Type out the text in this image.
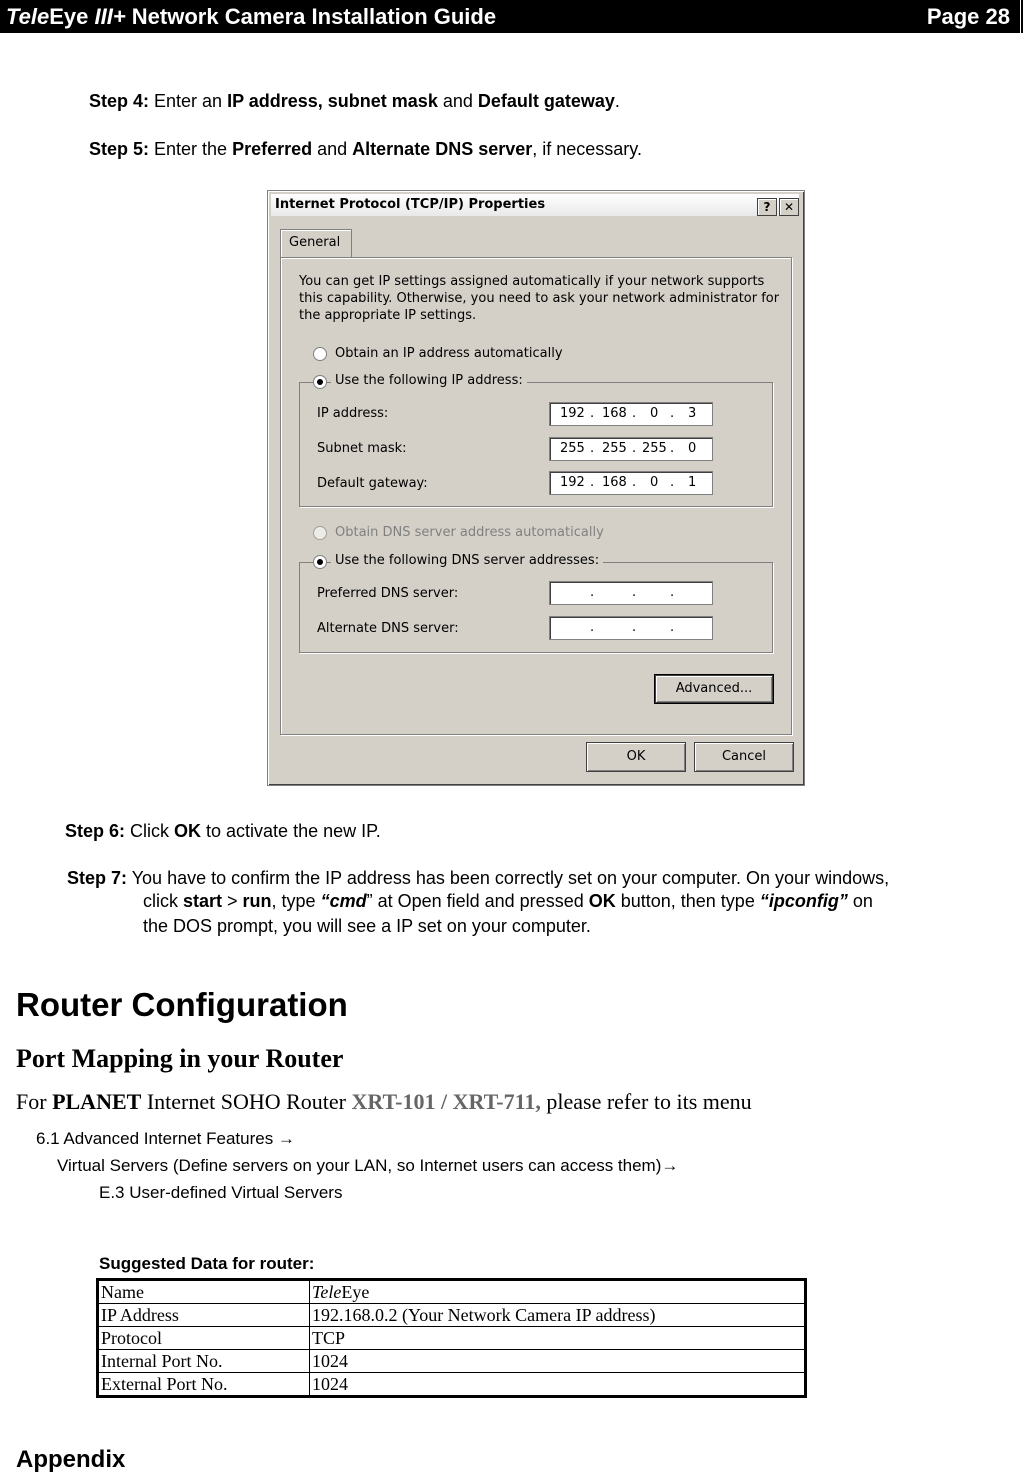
TeleEye III+ Network Camera Installation Guide	Page 28
Step 4: Enter an IP address, subnet mask and Default gateway.
Step 5: Enter the Preferred and Alternate DNS server, if necessary.
Internet Protocol (TCP/IP) Properties	?	✕
General
You can get IP settings assigned automatically if your network supports
this capability. Otherwise, you need to ask your network administrator for
the appropriate IP settings.
Obtain an IP address automatically
Use the following IP address:
IP address:	192 . 168 . 0 . 3
Subnet mask:	255 . 255 . 255 . 0
Default gateway:	192 . 168 . 0 . 1
Obtain DNS server address automatically
Use the following DNS server addresses:
Preferred DNS server:	.	.	.
Alternate DNS server:	.	.	.
Advanced...
OK	Cancel
Step 6: Click OK to activate the new IP.
Step 7: You have to confirm the IP address has been correctly set on your computer. On your windows,
click start > run, type “cmd” at Open field and pressed OK button, then type “ipconfig” on
the DOS prompt, you will see a IP set on your computer.
Router Configuration
Port Mapping in your Router
For PLANET Internet SOHO Router XRT-101 / XRT-711, please refer to its menu
6.1 Advanced Internet Features →
Virtual Servers (Define servers on your LAN, so Internet users can access them)→
E.3 User-defined Virtual Servers
Suggested Data for router:
Name	TeleEye
IP Address	192.168.0.2 (Your Network Camera IP address)
Protocol	TCP
Internal Port No.	1024
External Port No.	1024
Appendix
